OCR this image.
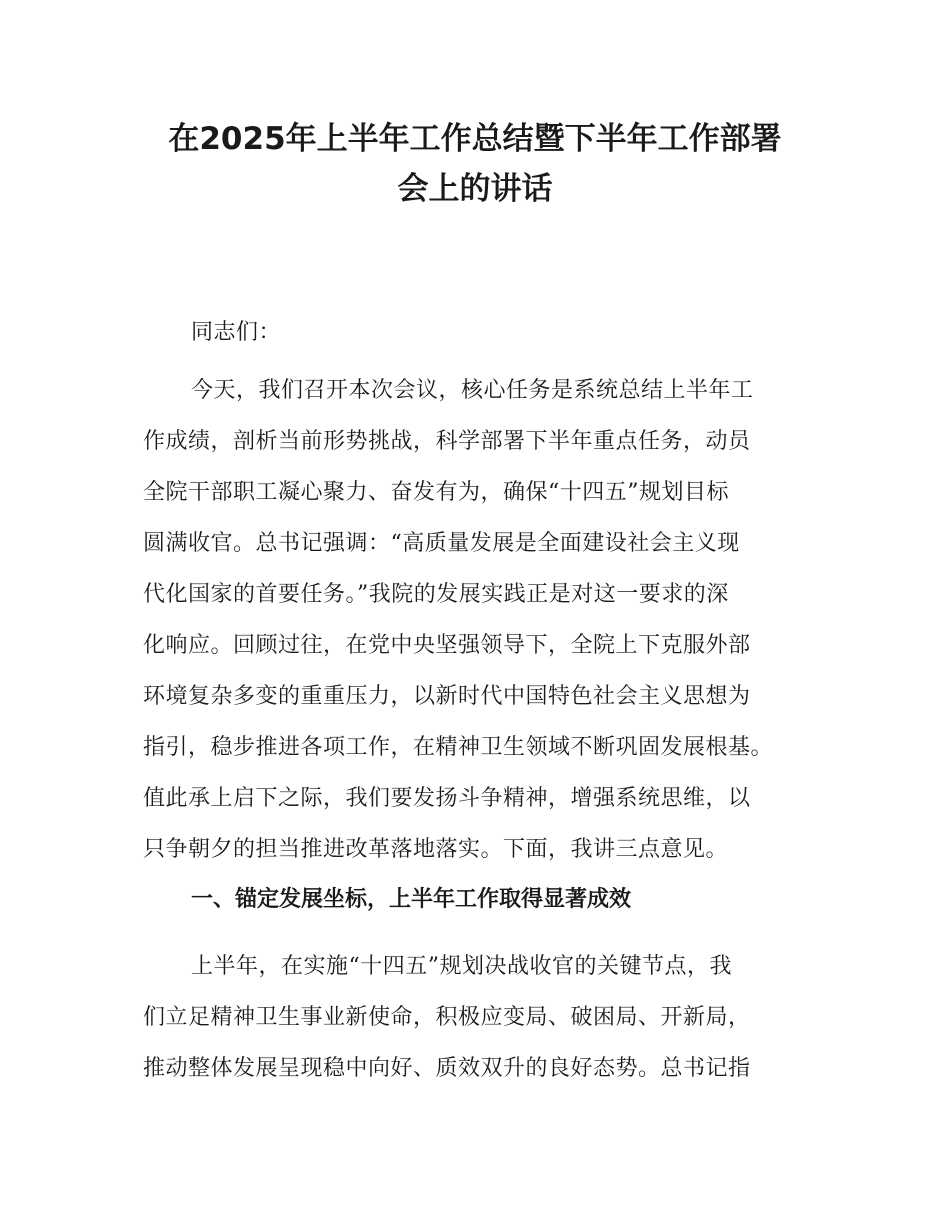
在2025年上半年工作总结暨下半年工作部署
会上的讲话

同志们：

今天，我们召开本次会议，核心任务是系统总结上半年工
作成绩，剖析当前形势挑战，科学部署下半年重点任务，动员
全院干部职工凝心聚力、奋发有为，确保“十四五”规划目标
圆满收官。总书记强调：“高质量发展是全面建设社会主义现
代化国家的首要任务。”我院的发展实践正是对这一要求的深
化响应。回顾过往，在党中央坚强领导下，全院上下克服外部
环境复杂多变的重重压力，以新时代中国特色社会主义思想为
指引，稳步推进各项工作，在精神卫生领域不断巩固发展根基。
值此承上启下之际，我们要发扬斗争精神，增强系统思维，以
只争朝夕的担当推进改革落地落实。下面，我讲三点意见。

一、锚定发展坐标，上半年工作取得显著成效

上半年，在实施“十四五”规划决战收官的关键节点，我
们立足精神卫生事业新使命，积极应变局、破困局、开新局，
推动整体发展呈现稳中向好、质效双升的良好态势。总书记指
